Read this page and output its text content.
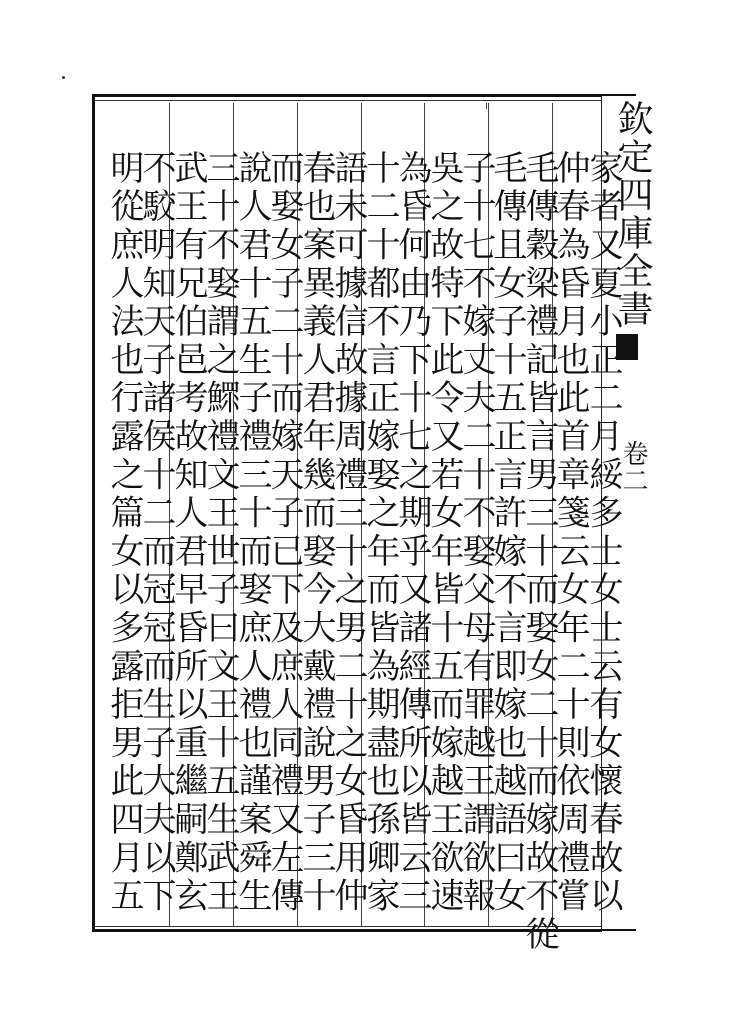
欽定四庫全書
卷二
家者又夏小正二月綏多士女士云有女懷春故以
仲春為昏月也此首章箋云女年二十則依周禮嘗
毛傳穀梁禮記皆言男三十而娶女二十而嫁故不從
毛傳且女子十五正言許嫁不言即嫁也越語曰女
子十七不嫁丈夫二十不娶父母有罪越王謂欲報
吳之故特下此令又若女年皆十五而嫁越王欲速
為昏何由乃下十七之期乎又諸經傳所以皆云三
十二十都不言正嫁娶之年而皆為期盡也孫卿家
語未可據信故據周禮三十之男二十之女昏用仲
春也案異義人君年幾而娶今大戴禮說男子三十
而娶女子二十而嫁天子已下及庶人同禮又左傳
說人君十五生子禮三十而娶庶人禮也謹案舜生
三十不娶謂之鰥禮文王世子曰文王十五生武王
武王有兄伯邑考故知人君早昏所以重繼嗣鄭玄
不駮明知天子諸侯十二而冠冠而生子大夫以下
明從庶人法也行露之篇女以多露拒男此四月五
